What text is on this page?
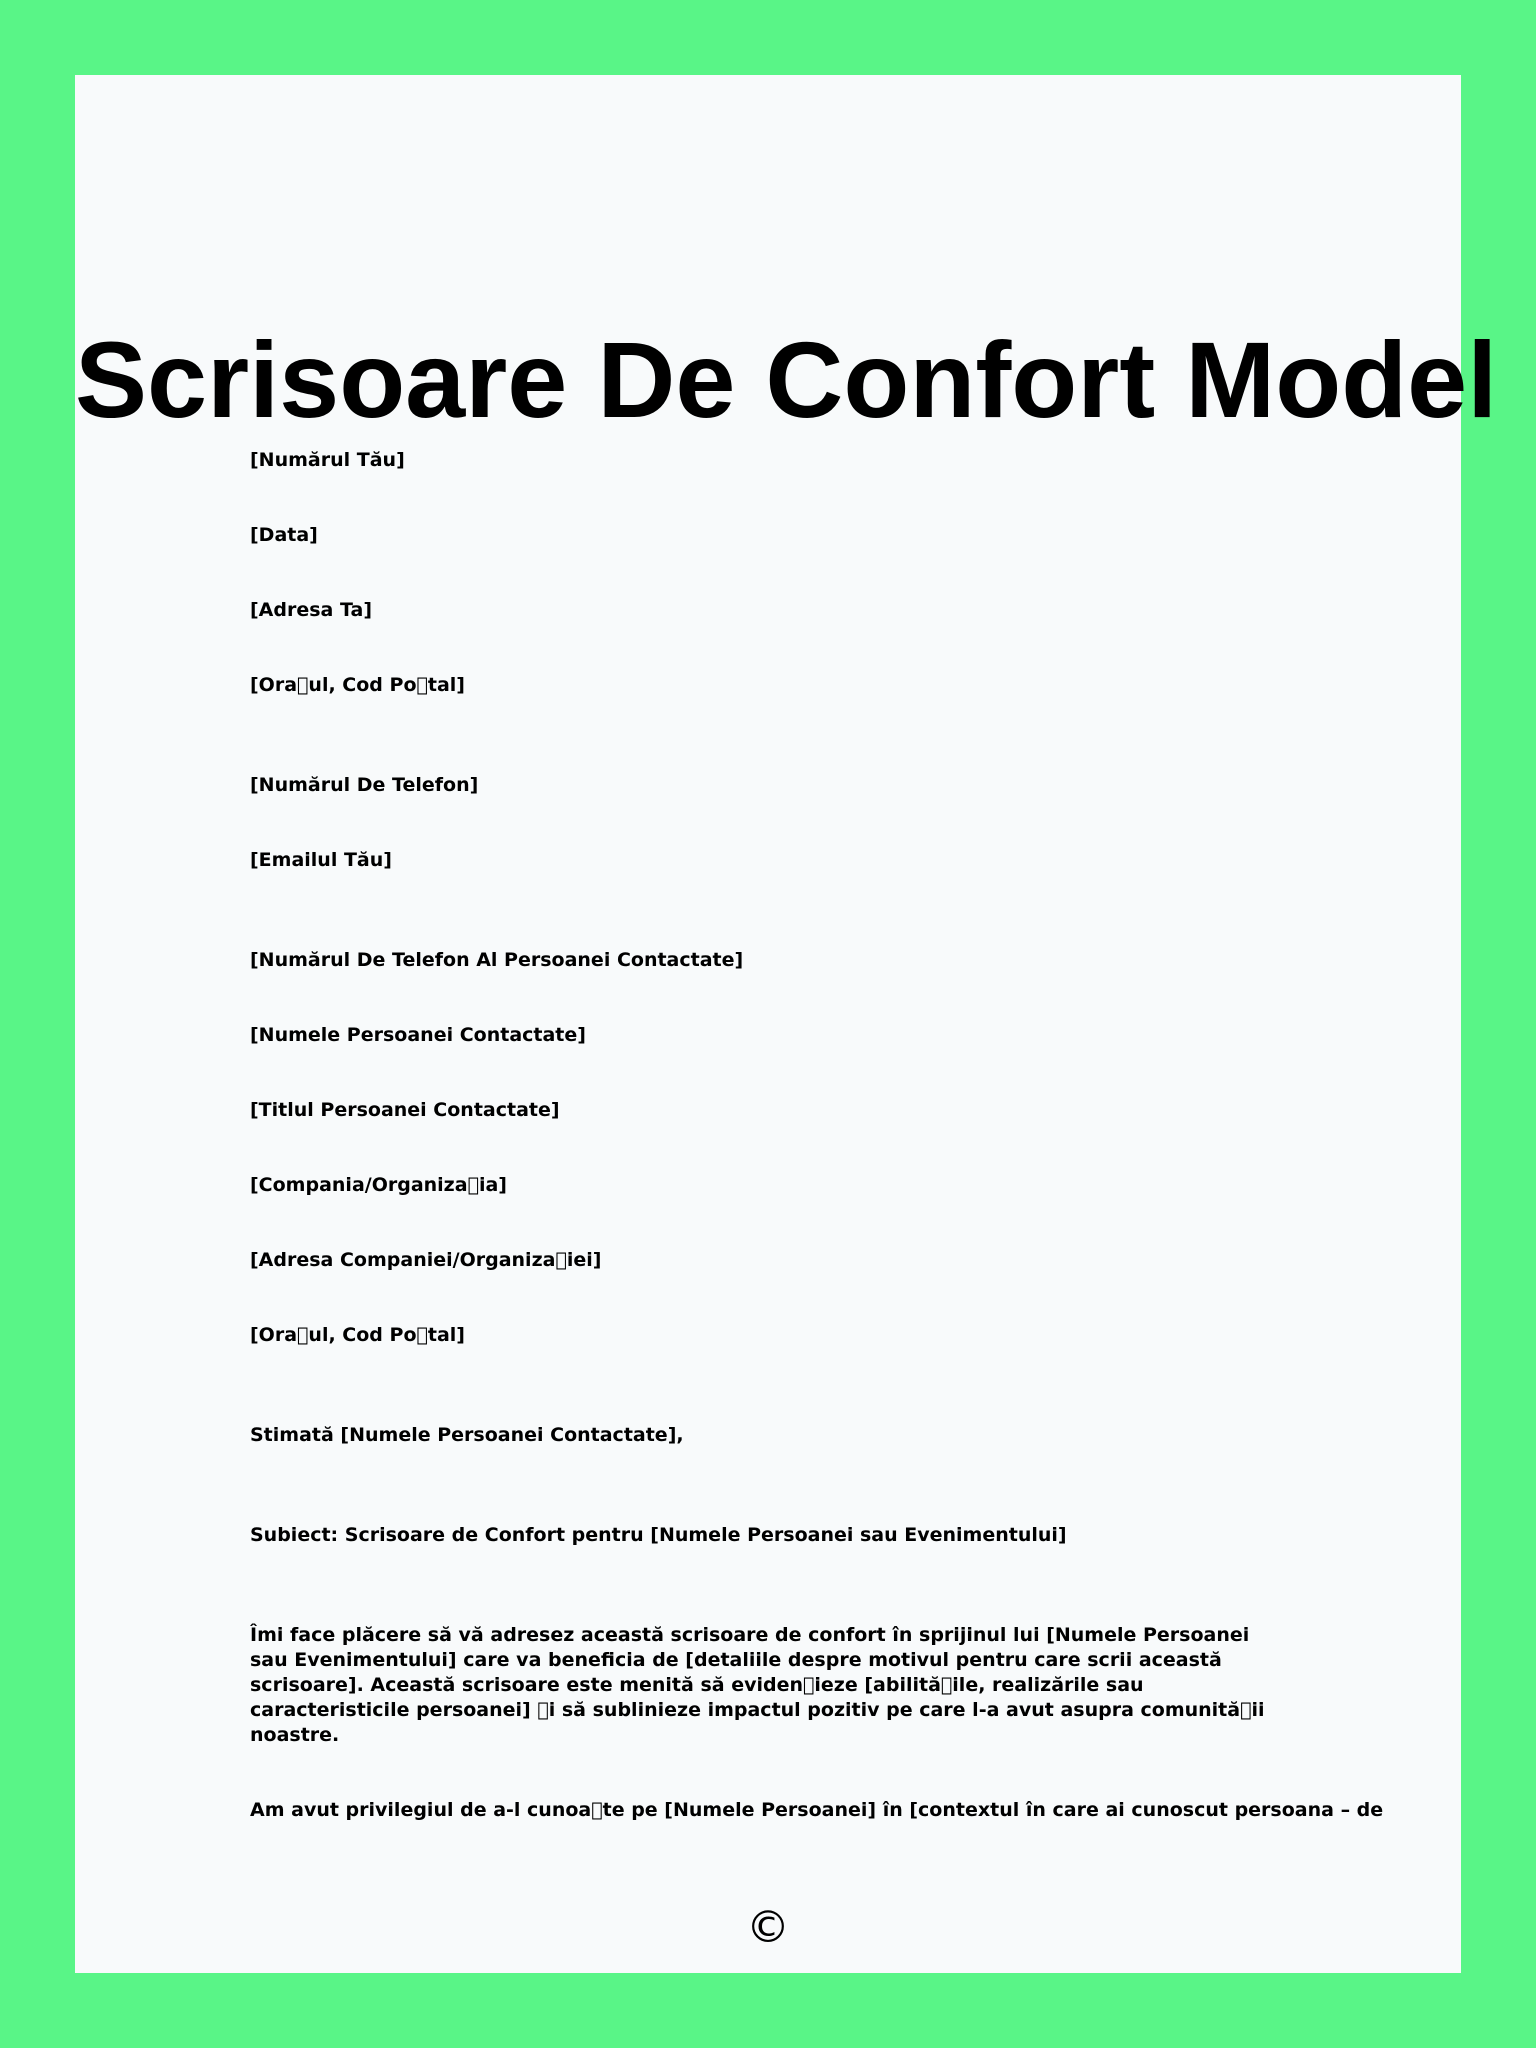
Scrisoare De Confort Model

[Numărul Tău]

[Data]

[Adresa Ta]

[Ora ul, Cod Po tal]

[Numărul De Telefon]

[Emailul Tău]

[Numărul De Telefon Al Persoanei Contactate]

[Numele Persoanei Contactate]

[Titlul Persoanei Contactate]

[Compania/Organiza ia]

[Adresa Companiei/Organiza iei]

[Ora ul, Cod Po tal]

Stimată [Numele Persoanei Contactate],

Subiect: Scrisoare de Confort pentru [Numele Persoanei sau Evenimentului]

Îmi face plăcere să vă adresez această scrisoare de confort în sprijinul lui [Numele Persoanei sau Evenimentului] care va beneficia de [detaliile despre motivul pentru care scrii această scrisoare]. Această scrisoare este menită să eviden ieze [abilită ile, realizările sau caracteristicile persoanei]  i să sublinieze impactul pozitiv pe care l-a avut asupra comunită ii noastre.

Am avut privilegiul de a-l cunoa te pe [Numele Persoanei] în [contextul în care ai cunoscut persoana – de

©
